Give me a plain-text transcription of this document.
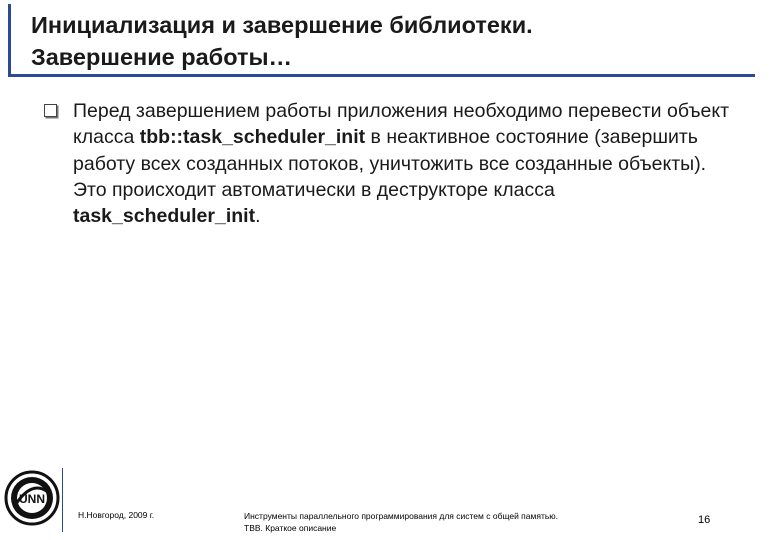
Инициализация и завершение библиотеки.
Завершение работы…
Перед завершением работы приложения необходимо перевести объект класса tbb::task_scheduler_init в неактивное состояние (завершить работу всех созданных потоков, уничтожить все созданные объекты). Это происходит автоматически в деструкторе класса task_scheduler_init.
UNN
Н.Новгород, 2009 г.	Инструменты параллельного программирования для систем с общей памятью.
TBB. Краткое описание
16
